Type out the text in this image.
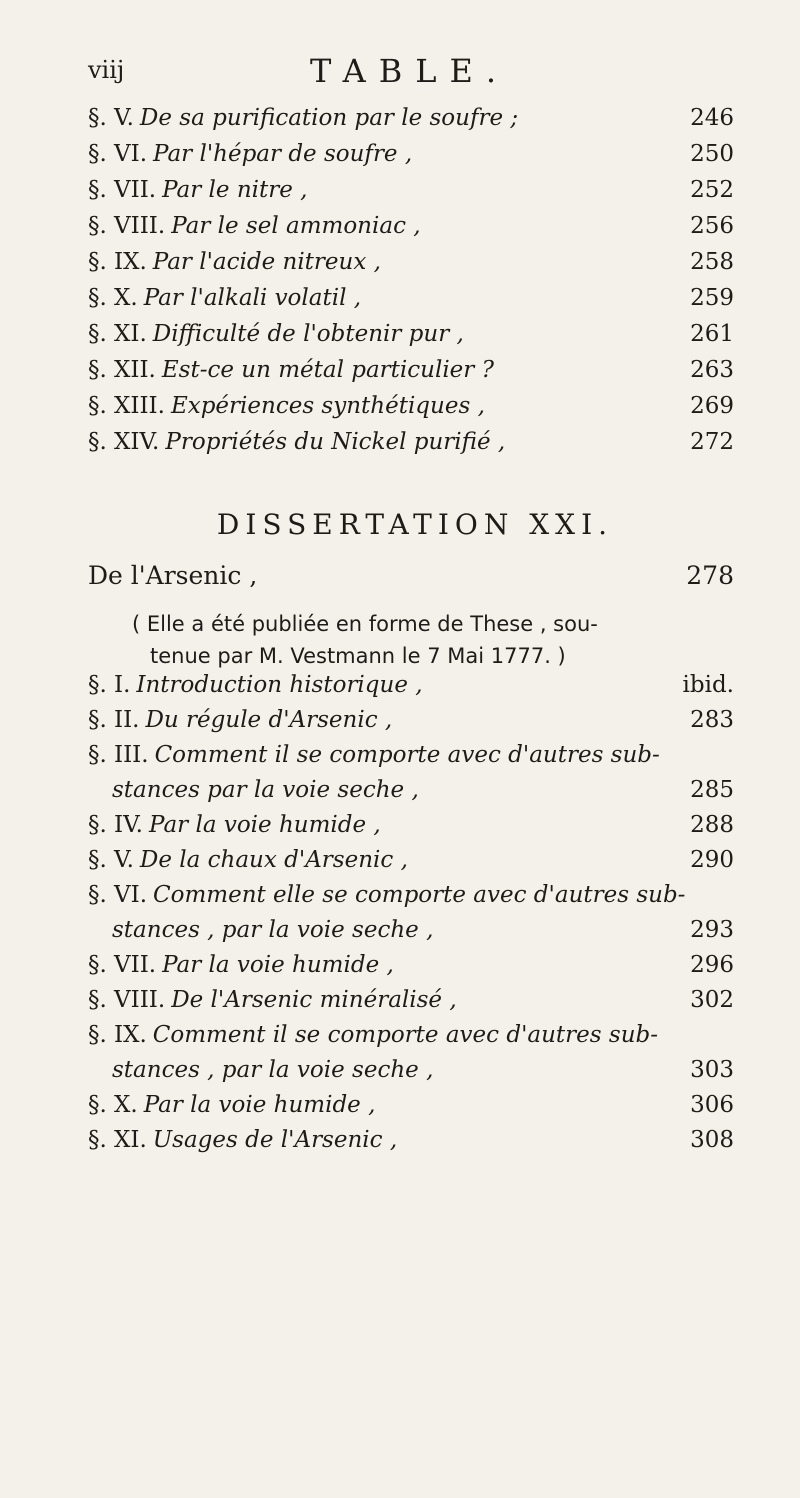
viij	TABLE.
§. V. De sa purification par le soufre ;	246
§. VI. Par l'hépar de soufre ,	250
§. VII. Par le nitre ,	252
§. VIII. Par le sel ammoniac ,	256
§. IX. Par l'acide nitreux ,	258
§. X. Par l'alkali volatil ,	259
§. XI. Difficulté de l'obtenir pur ,	261
§. XII. Est-ce un métal particulier ?	263
§. XIII. Expériences synthétiques ,	269
§. XIV. Propriétés du Nickel purifié ,	272
DISSERTATION XXI.
De l'Arsenic ,	278
( Elle a été publiée en forme de These , sou-
tenue par M. Vestmann le 7 Mai 1777. )
§. I. Introduction historique ,	ibid.
§. II. Du régule d'Arsenic ,	283
§. III. Comment il se comporte avec d'autres sub-
stances par la voie seche ,	285
§. IV. Par la voie humide ,	288
§. V. De la chaux d'Arsenic ,	290
§. VI. Comment elle se comporte avec d'autres sub-
stances , par la voie seche ,	293
§. VII. Par la voie humide ,	296
§. VIII. De l'Arsenic minéralisé ,	302
§. IX. Comment il se comporte avec d'autres sub-
stances , par la voie seche ,	303
§. X. Par la voie humide ,	306
§. XI. Usages de l'Arsenic ,	308
